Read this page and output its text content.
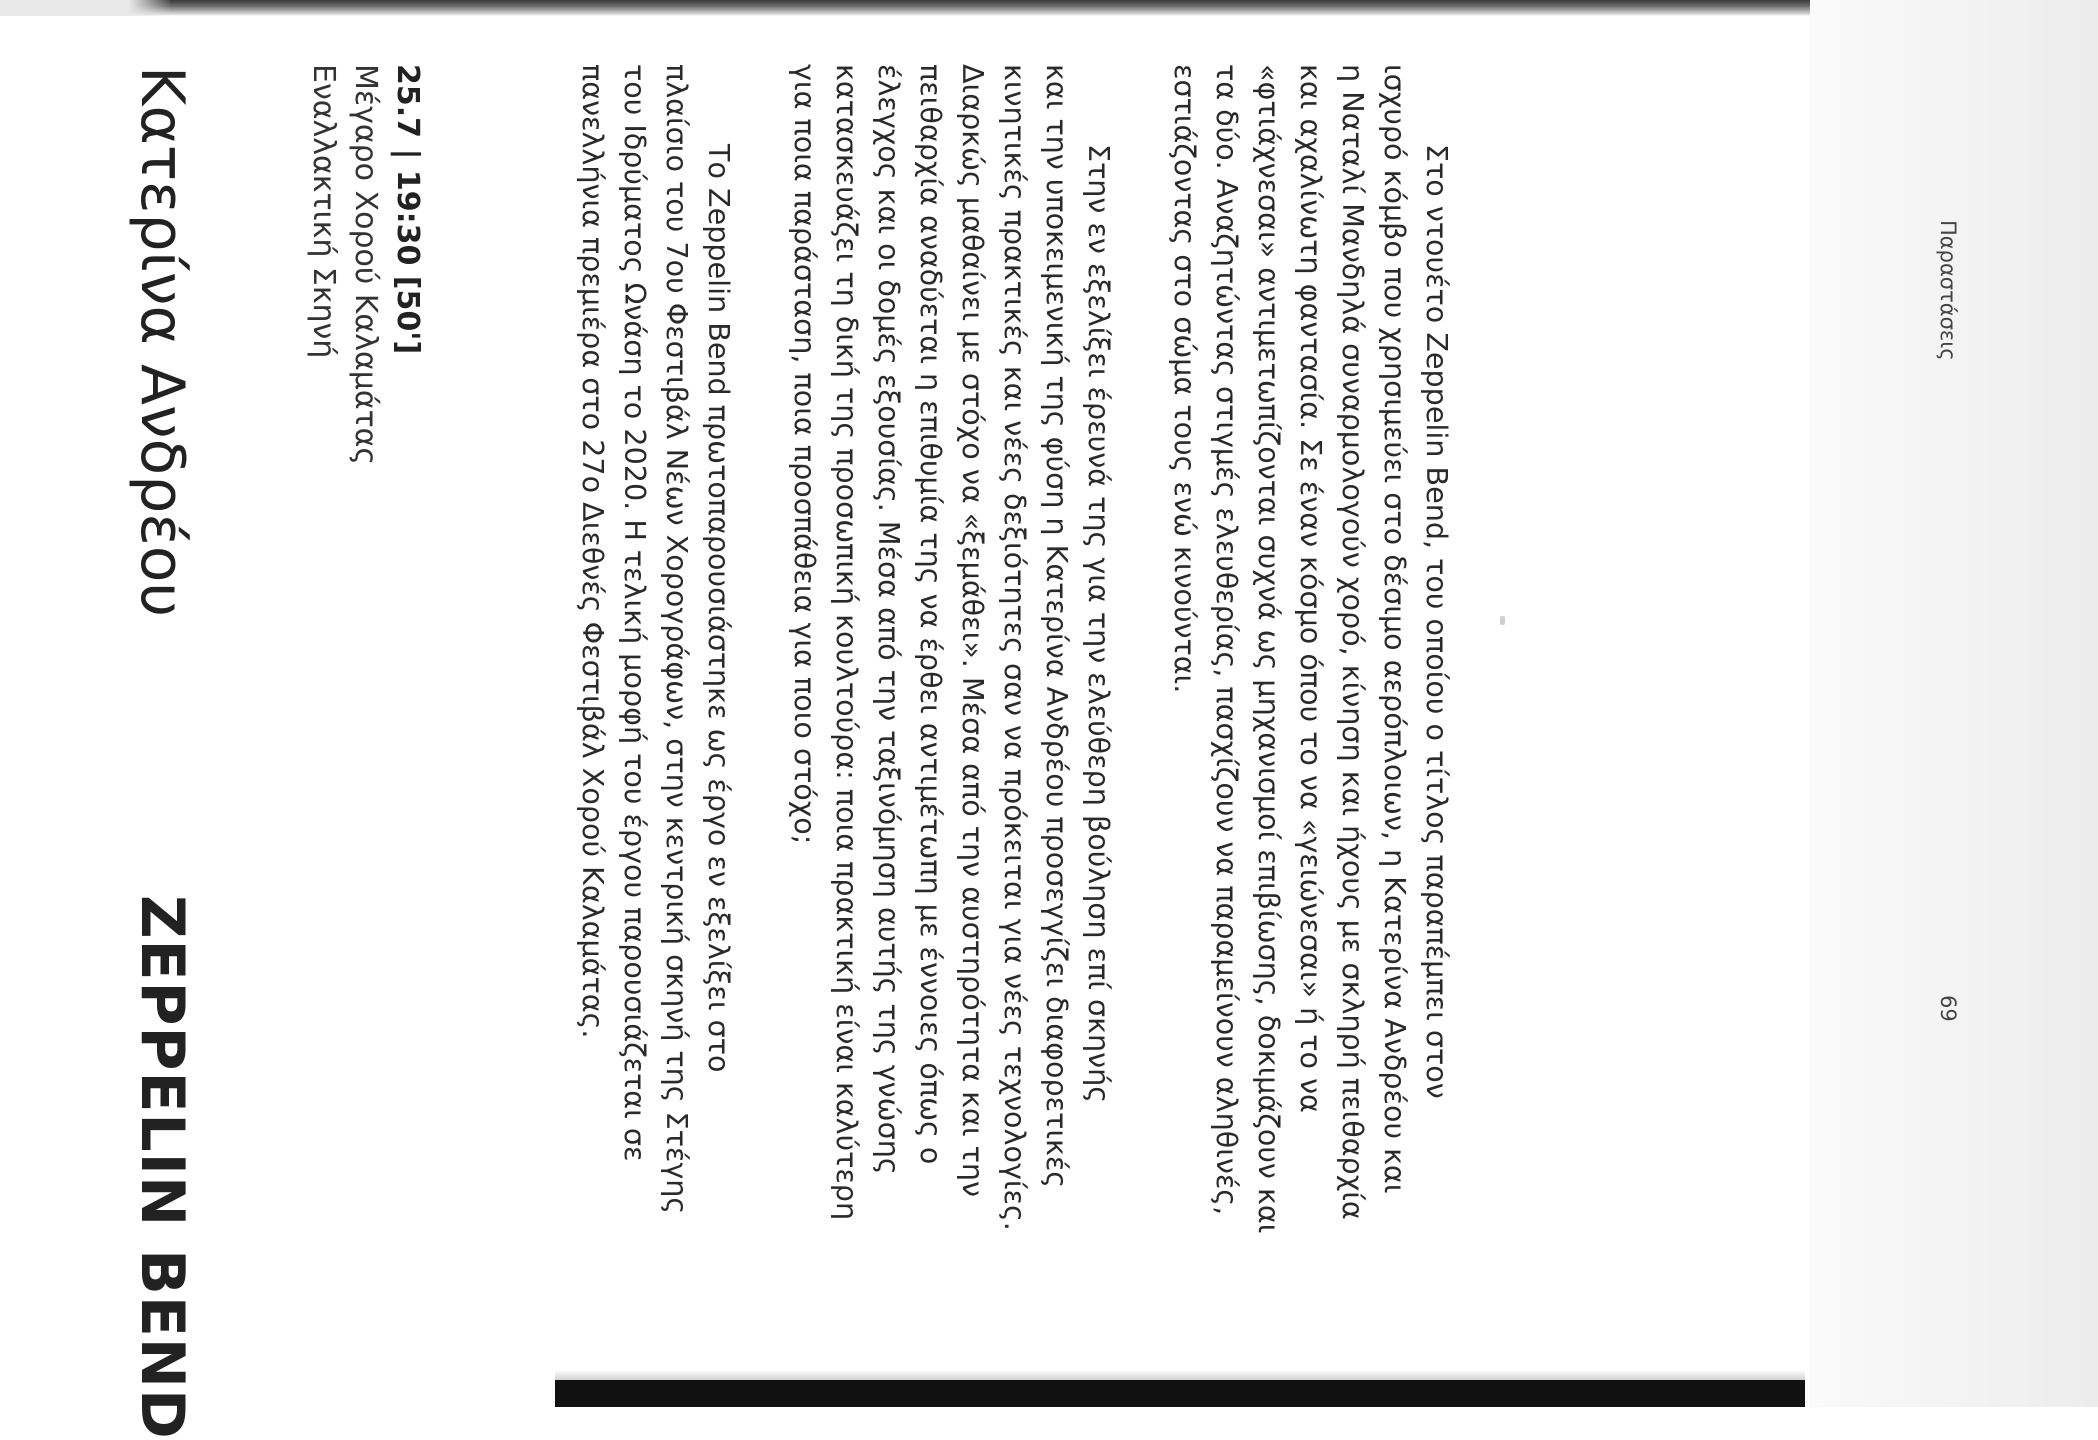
Παραστάσεις
69
Στο ντουέτο Zeppelin Bend, του οποίου ο τίτλος παραπέμπει στον
ισχυρό κόμβο που χρησιμεύει στο δέσιμο αερόπλοιων, η Κατερίνα Ανδρέου και
η Ναταλί Μανδηλά συναρμολογούν χορό, κίνηση και ήχους με σκληρή πειθαρχία
και αχαλίνωτη φαντασία. Σε έναν κόσμο όπου το να «γειώνεσαι» ή το να
«φτιάχνεσαι» αντιμετωπίζονται συχνά ως μηχανισμοί επιβίωσης, δοκιμάζουν και
τα δύο. Αναζητώντας στιγμές ελευθερίας, πασχίζουν να παραμείνουν αληθινές,
εστιάζοντας στο σώμα τους ενώ κινούνται.
Στην εν εξελίξει έρευνά της για την ελεύθερη βούληση επί σκηνής
και την υποκειμενική της φύση η Κατερίνα Ανδρέου προσεγγίζει διαφορετικές
κινητικές πρακτικές και νέες δεξιότητες σαν να πρόκειται για νέες τεχνολογίες.
Διαρκώς μαθαίνει με στόχο να «ξεμάθει». Μέσα από την αυστηρότητα και την
πειθαρχία αναδύεται η επιθυμία της να έρθει αντιμέτωπη με έννοιες όπως ο
έλεγχος και οι δομές εξουσίας. Μέσα από την ταξινόμηση αυτής της γνώσης
κατασκευάζει τη δική της προσωπική κουλτούρα: ποια πρακτική είναι καλύτερη
για ποια παράσταση, ποια προσπάθεια για ποιο στόχο;
Το Zeppelin Bend πρωτοπαρουσιάστηκε ως έργο εν εξελίξει στο
πλαίσιο του 7ου Φεστιβάλ Νέων Χορογράφων, στην κεντρική σκηνή της Στέγης
του Ιδρύματος Ωνάση το 2020. Η τελική μορφή του έργου παρουσιάζεται σε
πανελλήνια πρεμιέρα στο 27ο Διεθνές Φεστιβάλ Χορού Καλαμάτας.
25.7 | 19:30 [50']
Μέγαρο Χορού Καλαμάτας
Εναλλακτική Σκηνή
Κατερίνα Ανδρέου
ZEPPELIN BEND
